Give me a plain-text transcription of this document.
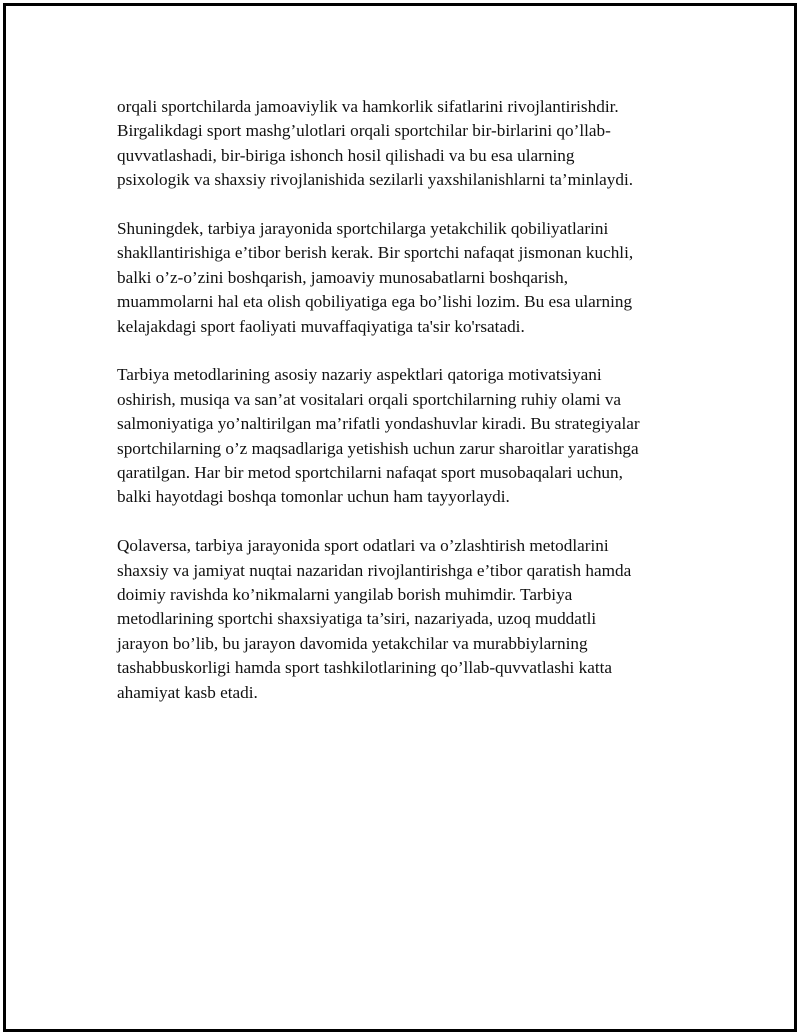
orqali sportchilarda jamoaviylik va hamkorlik sifatlarini rivojlantirishdir.
Birgalikdagi sport mashg’ulotlari orqali sportchilar bir-birlarini qo’llab-
quvvatlashadi, bir-biriga ishonch hosil qilishadi va bu esa ularning
psixologik va shaxsiy rivojlanishida sezilarli yaxshilanishlarni ta’minlaydi.

Shuningdek, tarbiya jarayonida sportchilarga yetakchilik qobiliyatlarini
shakllantirishiga e’tibor berish kerak. Bir sportchi nafaqat jismonan kuchli,
balki o’z-o’zini boshqarish, jamoaviy munosabatlarni boshqarish,
muammolarni hal eta olish qobiliyatiga ega bo’lishi lozim. Bu esa ularning
kelajakdagi sport faoliyati muvaffaqiyatiga ta'sir ko'rsatadi.

Tarbiya metodlarining asosiy nazariy aspektlari qatoriga motivatsiyani
oshirish, musiqa va san’at vositalari orqali sportchilarning ruhiy olami va
salmoniyatiga yo’naltirilgan ma’rifatli yondashuvlar kiradi. Bu strategiyalar
sportchilarning o’z maqsadlariga yetishish uchun zarur sharoitlar yaratishga
qaratilgan. Har bir metod sportchilarni nafaqat sport musobaqalari uchun,
balki hayotdagi boshqa tomonlar uchun ham tayyorlaydi.

Qolaversa, tarbiya jarayonida sport odatlari va o’zlashtirish metodlarini
shaxsiy va jamiyat nuqtai nazaridan rivojlantirishga e’tibor qaratish hamda
doimiy ravishda ko’nikmalarni yangilab borish muhimdir. Tarbiya
metodlarining sportchi shaxsiyatiga ta’siri, nazariyada, uzoq muddatli
jarayon bo’lib, bu jarayon davomida yetakchilar va murabbiylarning
tashabbuskorligi hamda sport tashkilotlarining qo’llab-quvvatlashi katta
ahamiyat kasb etadi.
